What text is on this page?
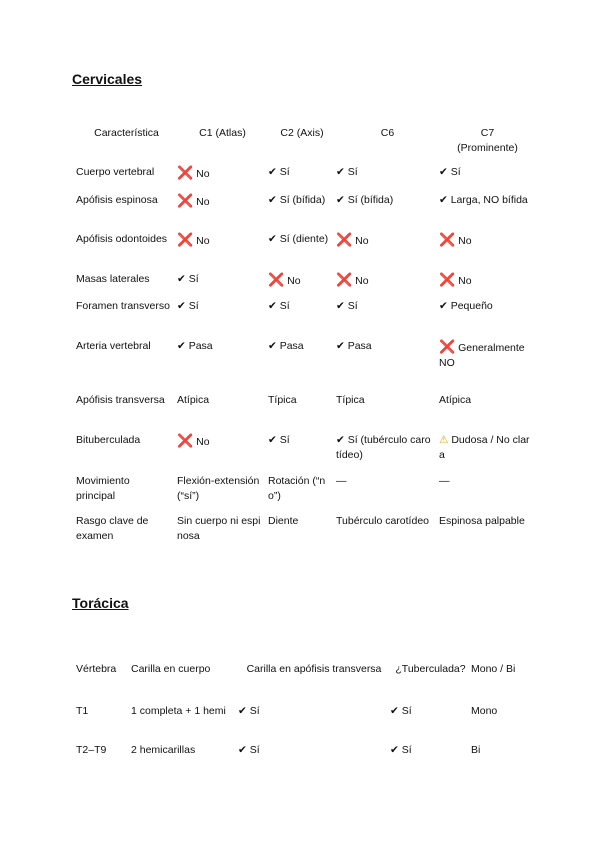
Cervicales
Característica	C1 (Atlas)	C2 (Axis)	C6	C7
(Prominente)
Cuerpo vertebral	❌ No	✔ Sí	✔ Sí	✔ Sí
Apófisis espinosa	❌ No	✔ Sí (bífida)	✔ Sí (bífida)	✔ Larga, NO bífida
Apófisis odontoides	❌ No	✔ Sí (diente)	❌ No	❌ No
Masas laterales	✔ Sí	❌ No	❌ No	❌ No
Foramen transverso	✔ Sí	✔ Sí	✔ Sí	✔ Pequeño
Arteria vertebral	✔ Pasa	✔ Pasa	✔ Pasa	❌ Generalmente NO
Apófisis transversa	Atípica	Típica	Típica	Atípica
Bituberculada	❌ No	✔ Sí	✔ Sí (tubérculo carotídeo)	⚠ Dudosa / No clara
Movimiento principal	Flexión-extensión (“sí”)	Rotación (“no”)	—	—
Rasgo clave de examen	Sin cuerpo ni espinosa	Diente	Tubérculo carotídeo	Espinosa palpable
Torácica
Vértebra	Carilla en cuerpo	Carilla en apófisis transversa	¿Tuberculada?	Mono / Bi
T1	1 completa + 1 hemi	✔ Sí	✔ Sí	Mono
T2–T9	2 hemicarillas	✔ Sí	✔ Sí	Bi
